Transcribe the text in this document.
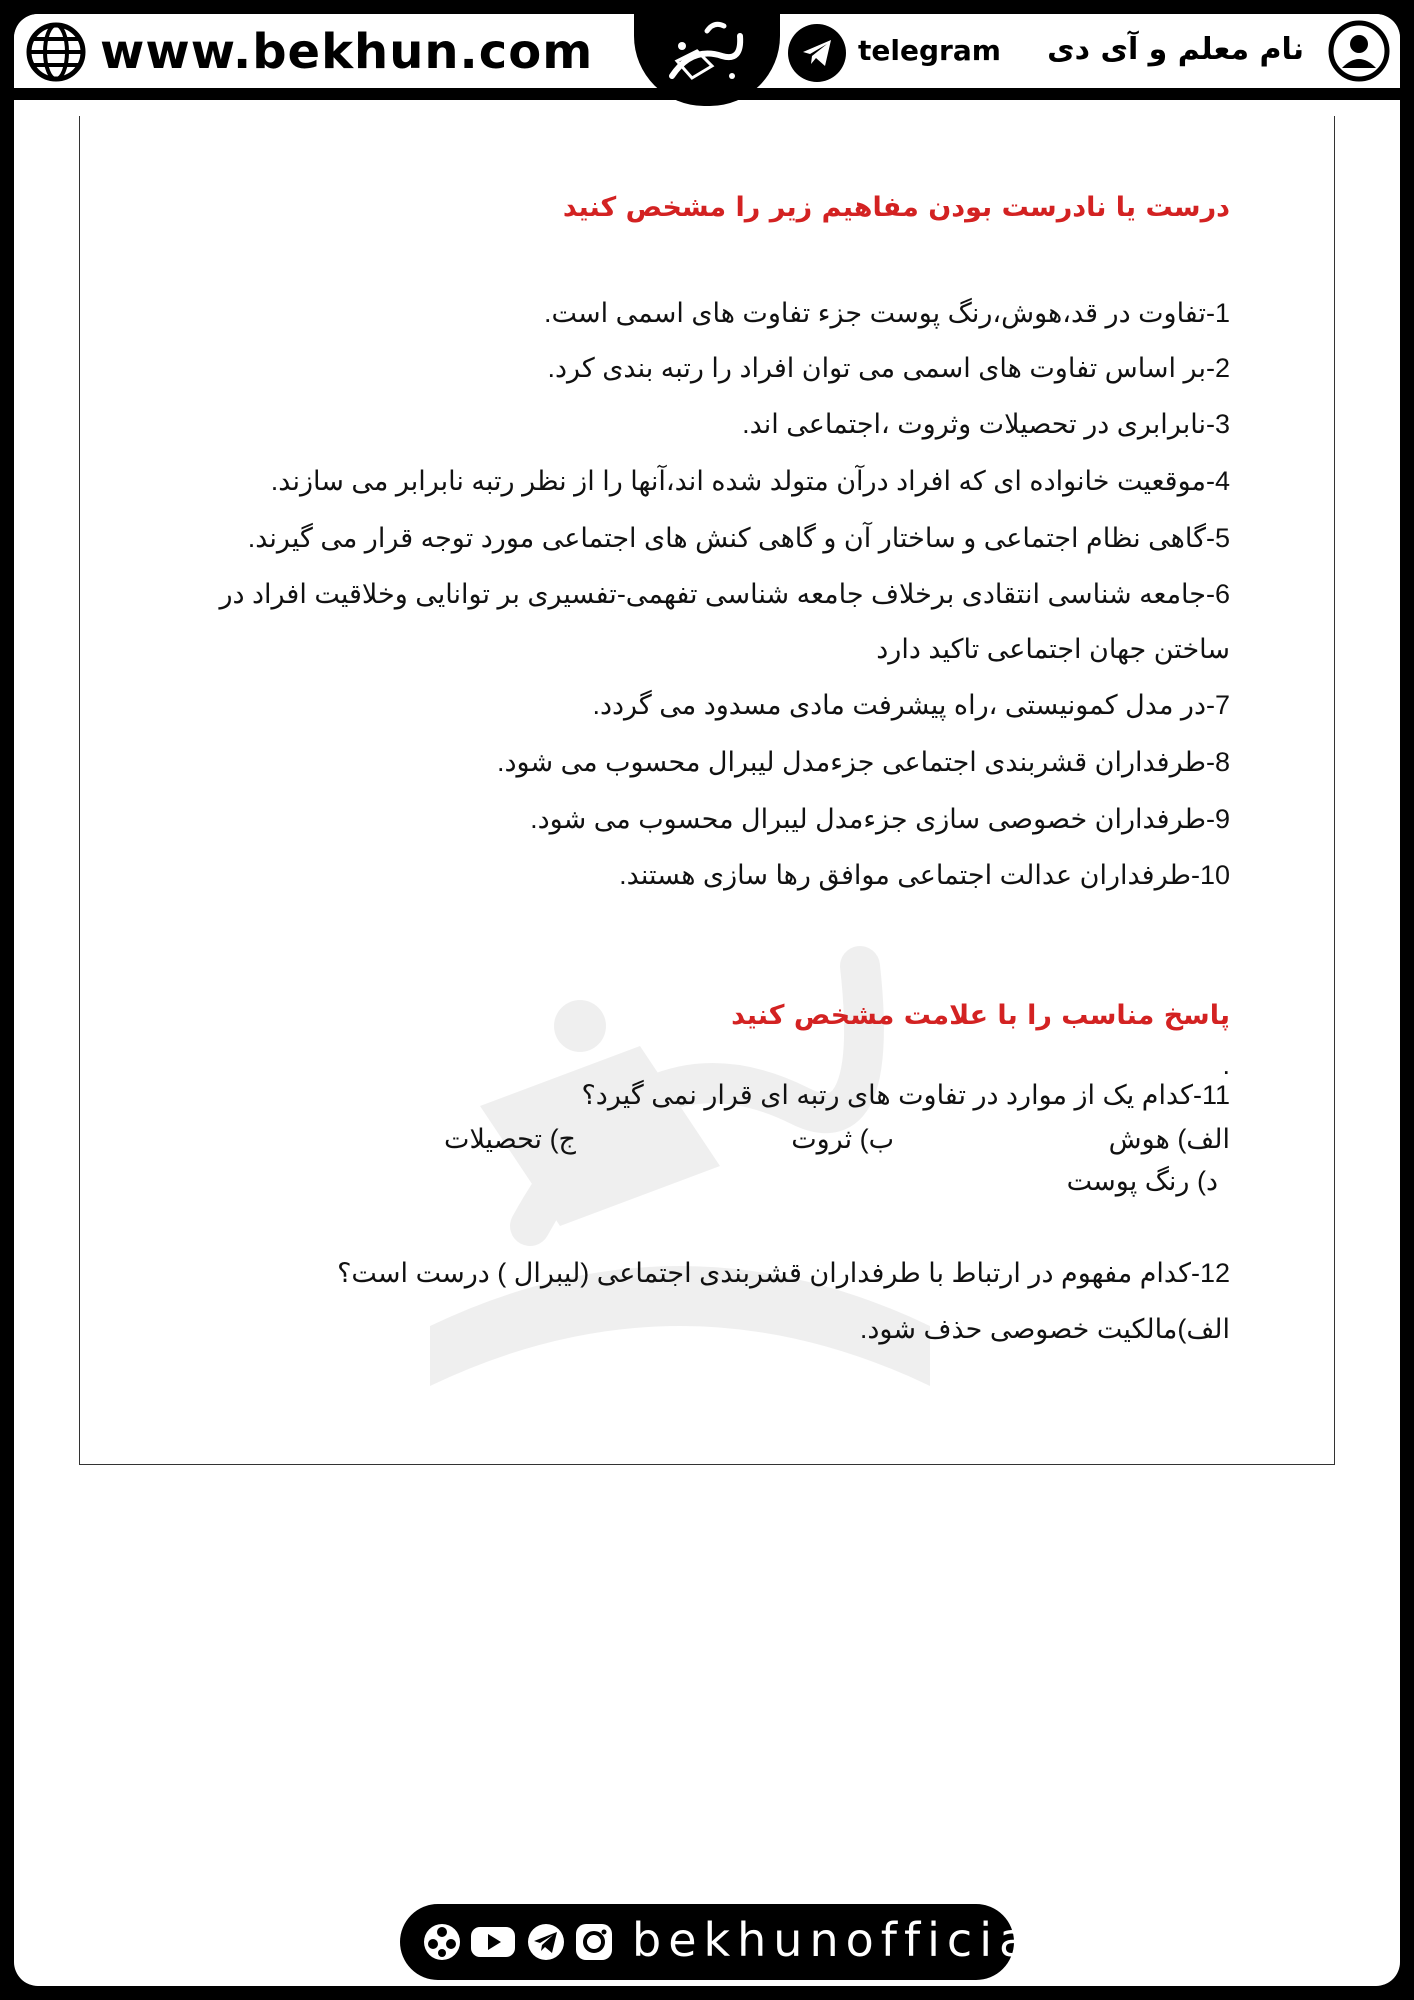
www.bekhun.com	telegram نام معلم و آی دی
درست یا نادرست بودن مفاهیم زیر را مشخص کنید
1-تفاوت در قد،هوش،رنگ پوست جزء تفاوت های اسمی است.
2-بر اساس تفاوت های اسمی می توان افراد را رتبه بندی کرد.
3-نابرابری در تحصیلات وثروت ،اجتماعی اند.
4-موقعیت خانواده ای که افراد درآن متولد شده اند،آنها را از نظر رتبه نابرابر می سازند.
5-گاهی نظام اجتماعی و ساختار آن و گاهی کنش های اجتماعی مورد توجه قرار می گیرند.
6-جامعه شناسی انتقادی برخلاف جامعه شناسی تفهمی-تفسیری بر توانایی وخلاقیت افراد در
ساختن جهان اجتماعی تاکید دارد
7-در مدل کمونیستی ،راه پیشرفت مادی مسدود می گردد.
8-طرفداران قشربندی اجتماعی جزءمدل لیبرال محسوب می شود.
9-طرفداران خصوصی سازی جزءمدل لیبرال محسوب می شود.
10-طرفداران عدالت اجتماعی موافق رها سازی هستند.
پاسخ مناسب را با علامت مشخص کنید
.
11-کدام یک از موارد در تفاوت های رتبه ای قرار نمی گیرد؟
الف) هوش
ب) ثروت
ج) تحصیلات
د) رنگ پوست
12-کدام مفهوم در ارتباط با طرفداران قشربندی اجتماعی (لیبرال ) درست است؟
الف)مالکیت خصوصی حذف شود.
bekhunofficial
